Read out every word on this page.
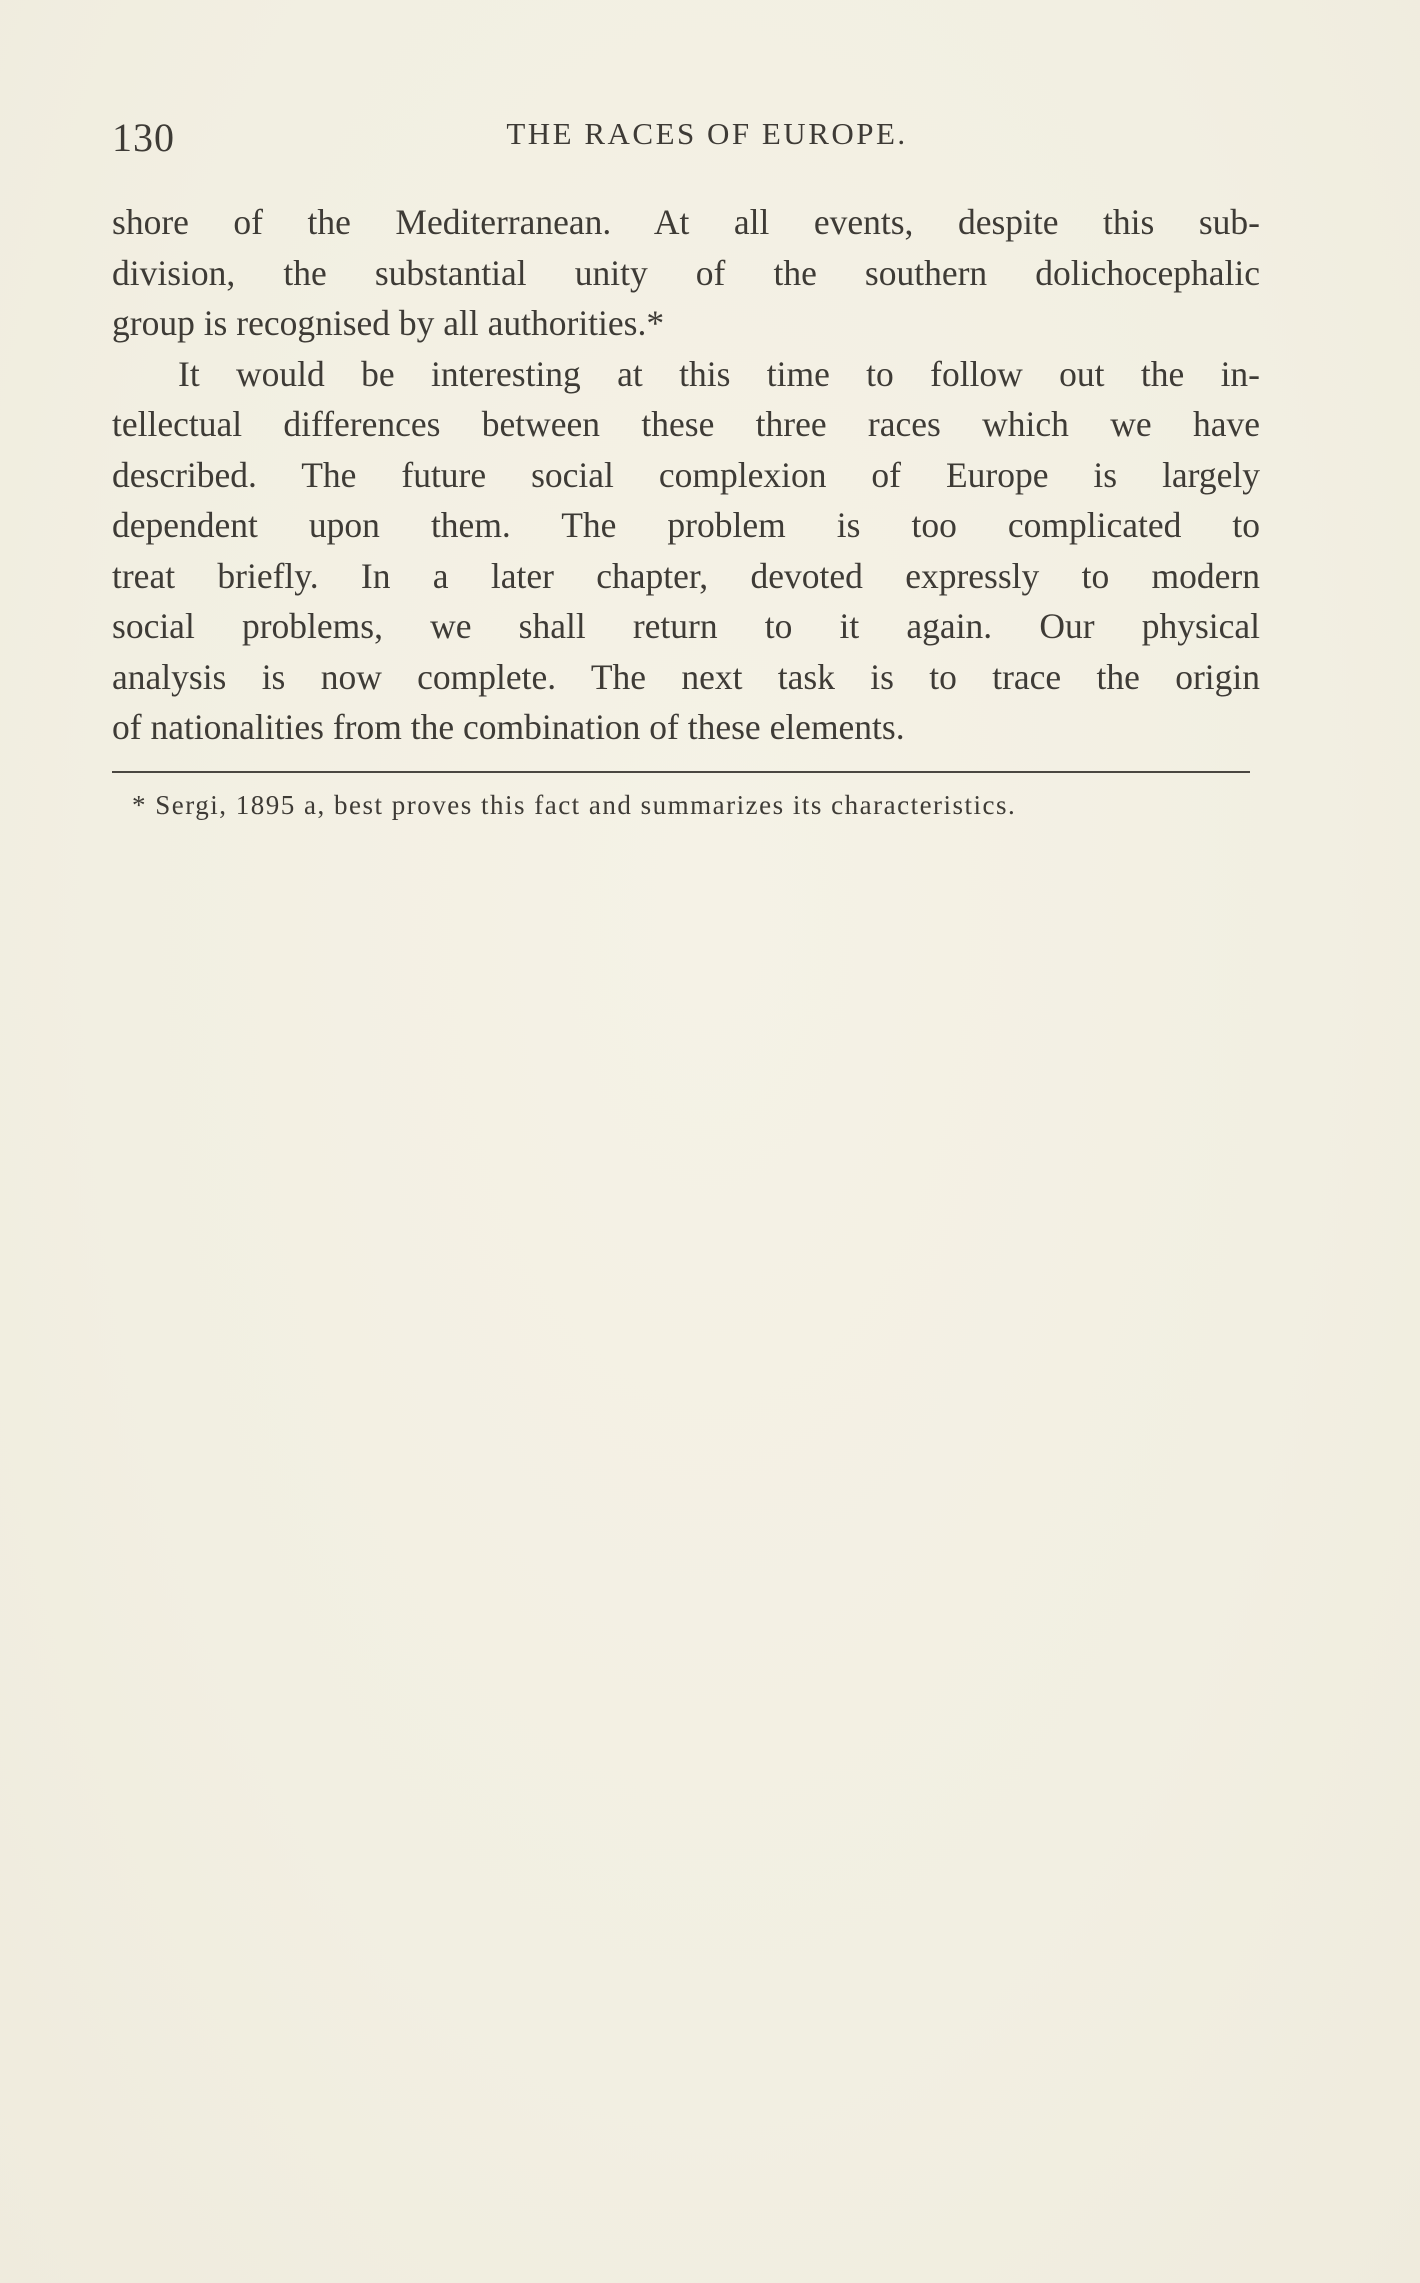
130	THE RACES OF EUROPE.
shore of the Mediterranean. At all events, despite this sub-
division, the substantial unity of the southern dolichocephalic
group is recognised by all authorities.*
It would be interesting at this time to follow out the in-
tellectual differences between these three races which we have
described. The future social complexion of Europe is largely
dependent upon them. The problem is too complicated to
treat briefly. In a later chapter, devoted expressly to modern
social problems, we shall return to it again. Our physical
analysis is now complete. The next task is to trace the origin
of nationalities from the combination of these elements.
* Sergi, 1895 a, best proves this fact and summarizes its characteristics.
